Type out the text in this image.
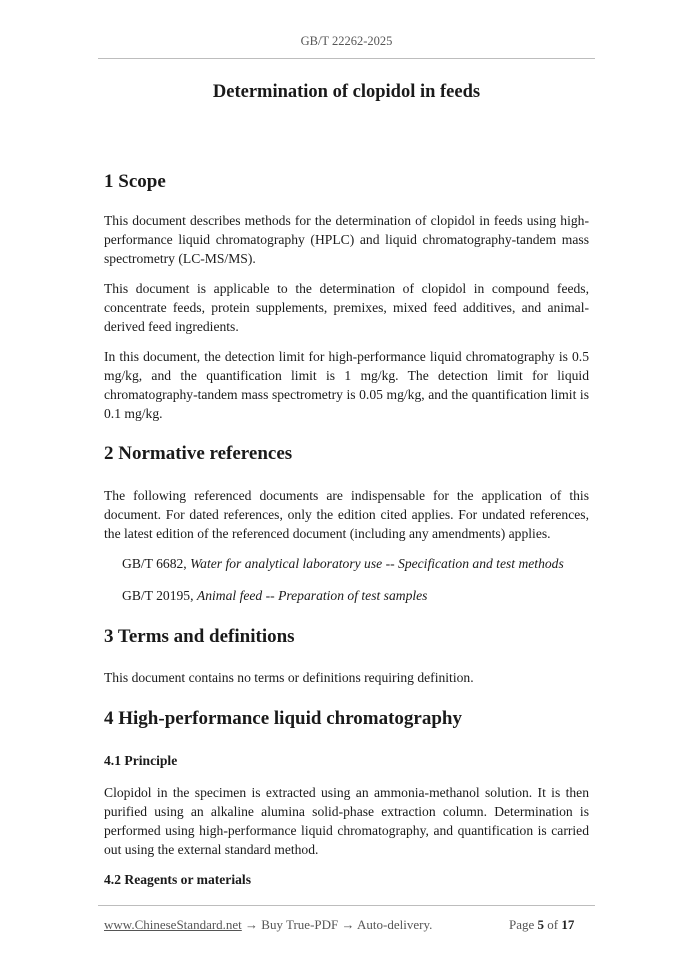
GB/T 22262-2025
Determination of clopidol in feeds
1 Scope
This document describes methods for the determination of clopidol in feeds using high-performance liquid chromatography (HPLC) and liquid chromatography-tandem mass spectrometry (LC-MS/MS).
This document is applicable to the determination of clopidol in compound feeds, concentrate feeds, protein supplements, premixes, mixed feed additives, and animal-derived feed ingredients.
In this document, the detection limit for high-performance liquid chromatography is 0.5 mg/kg, and the quantification limit is 1 mg/kg. The detection limit for liquid chromatography-tandem mass spectrometry is 0.05 mg/kg, and the quantification limit is 0.1 mg/kg.
2 Normative references
The following referenced documents are indispensable for the application of this document. For dated references, only the edition cited applies. For undated references, the latest edition of the referenced document (including any amendments) applies.
GB/T 6682, Water for analytical laboratory use -- Specification and test methods
GB/T 20195, Animal feed -- Preparation of test samples
3 Terms and definitions
This document contains no terms or definitions requiring definition.
4 High-performance liquid chromatography
4.1 Principle
Clopidol in the specimen is extracted using an ammonia-methanol solution. It is then purified using an alkaline alumina solid-phase extraction column. Determination is performed using high-performance liquid chromatography, and quantification is carried out using the external standard method.
4.2 Reagents or materials
www.ChineseStandard.net → Buy True-PDF → Auto-delivery.	Page 5 of 17
